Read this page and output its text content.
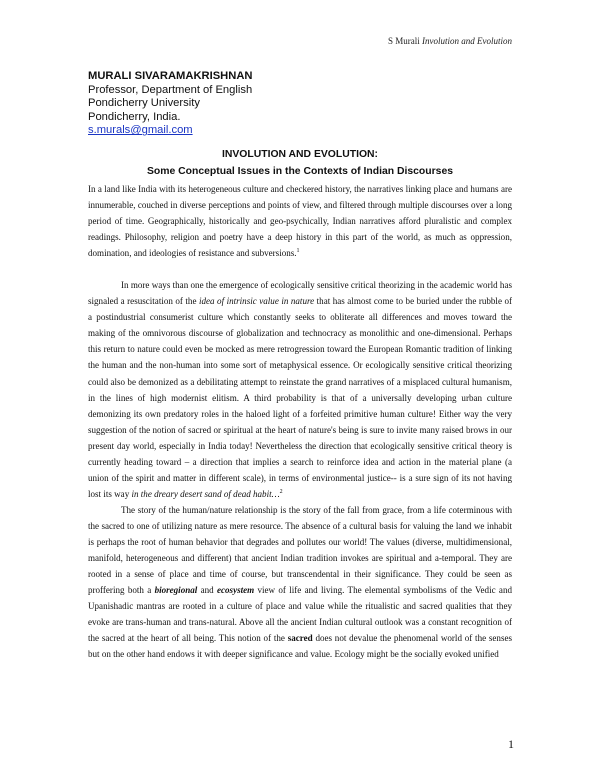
S Murali Involution and Evolution
MURALI SIVARAMAKRISHNAN
Professor, Department of English
Pondicherry University
Pondicherry, India.
s.murals@gmail.com
INVOLUTION AND EVOLUTION:
Some Conceptual Issues in the Contexts of Indian Discourses

In a land like India with its heterogeneous culture and checkered history, the narratives linking place and humans are innumerable, couched in diverse perceptions and points of view, and filtered through multiple discourses over a long period of time. Geographically, historically and geo-psychically, Indian narratives afford pluralistic and complex readings. Philosophy, religion and poetry have a deep history in this part of the world, as much as oppression, domination, and ideologies of resistance and subversions.$^1$

In more ways than one the emergence of ecologically sensitive critical theorizing in the academic world has signaled a resuscitation of the idea of intrinsic value in nature that has almost come to be buried under the rubble of a postindustrial consumerist culture which constantly seeks to obliterate all differences and moves toward the making of the omnivorous discourse of globalization and technocracy as monolithic and one-dimensional. Perhaps this return to nature could even be mocked as mere retrogression toward the European Romantic tradition of linking the human and the non-human into some sort of metaphysical essence. Or ecologically sensitive critical theorizing could also be demonized as a debilitating attempt to reinstate the grand narratives of a misplaced cultural humanism, in the lines of high modernist elitism. A third probability is that of a universally developing urban culture demonizing its own predatory roles in the haloed light of a forfeited primitive human culture! Either way the very suggestion of the notion of sacred or spiritual at the heart of nature's being is sure to invite many raised brows in our present day world, especially in India today! Nevertheless the direction that ecologically sensitive critical theory is currently heading toward – a direction that implies a search to reinforce idea and action in the material plane (a union of the spirit and matter in different scale), in terms of environmental justice-- is a sure sign of its not having lost its way in the dreary desert sand of dead habit…$^2$

The story of the human/nature relationship is the story of the fall from grace, from a life coterminous with the sacred to one of utilizing nature as mere resource. The absence of a cultural basis for valuing the land we inhabit is perhaps the root of human behavior that degrades and pollutes our world! The values (diverse, multidimensional, manifold, heterogeneous and different) that ancient Indian tradition invokes are spiritual and a-temporal. They are rooted in a sense of place and time of course, but transcendental in their significance. They could be seen as proffering both a bioregional and ecosystem view of life and living. The elemental symbolisms of the Vedic and Upanishadic mantras are rooted in a culture of place and value while the ritualistic and sacred qualities that they evoke are trans-human and trans-natural. Above all the ancient Indian cultural outlook was a constant recognition of the sacred at the heart of all being. This notion of the sacred does not devalue the phenomenal world of the senses but on the other hand endows it with deeper significance and value. Ecology might be the socially evoked unified

1
